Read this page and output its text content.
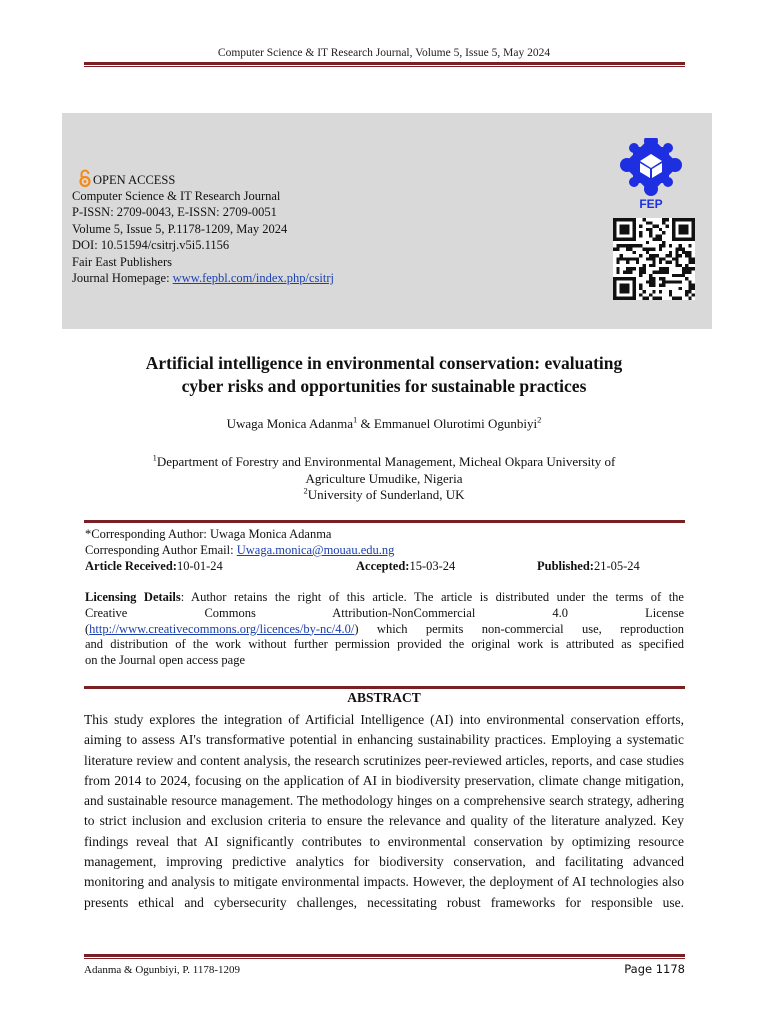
Computer Science & IT Research Journal, Volume 5, Issue 5, May 2024
OPEN ACCESS
Computer Science & IT Research Journal
P-ISSN: 2709-0043, E-ISSN: 2709-0051
Volume 5, Issue 5, P.1178-1209, May 2024
DOI: 10.51594/csitrj.v5i5.1156
Fair East Publishers
Journal Homepage: www.fepbl.com/index.php/csitrj
FEP
Artificial intelligence in environmental conservation: evaluating
cyber risks and opportunities for sustainable practices
Uwaga Monica Adanma$^1$ & Emmanuel Olurotimi Ogunbiyi$^2$
$^1$Department of Forestry and Environmental Management, Micheal Okpara University of
Agriculture Umudike, Nigeria
$^2$University of Sunderland, UK
*Corresponding Author: Uwaga Monica Adanma
Corresponding Author Email: Uwaga.monica@mouau.edu.ng
Article Received: 10-01-24	Accepted: 15-03-24	Published: 21-05-24
Licensing Details: Author retains the right of this article. The article is distributed under the terms of the
Creative Commons Attribution-NonCommercial 4.0 License
(http://www.creativecommons.org/licences/by-nc/4.0/) which permits non-commercial use, reproduction
and distribution of the work without further permission provided the original work is attributed as specified
on the Journal open access page
ABSTRACT
This study explores the integration of Artificial Intelligence (AI) into environmental conservation efforts, aiming to assess AI's transformative potential in enhancing sustainability practices. Employing a systematic literature review and content analysis, the research scrutinizes peer-reviewed articles, reports, and case studies from 2014 to 2024, focusing on the application of AI in biodiversity preservation, climate change mitigation, and sustainable resource management. The methodology hinges on a comprehensive search strategy, adhering to strict inclusion and exclusion criteria to ensure the relevance and quality of the literature analyzed. Key findings reveal that AI significantly contributes to environmental conservation by optimizing resource management, improving predictive analytics for biodiversity conservation, and facilitating advanced monitoring and analysis to mitigate environmental impacts. However, the deployment of AI technologies also presents ethical and cybersecurity challenges, necessitating robust frameworks for responsible use.
Adanma & Ogunbiyi, P. 1178-1209	Page 1178
